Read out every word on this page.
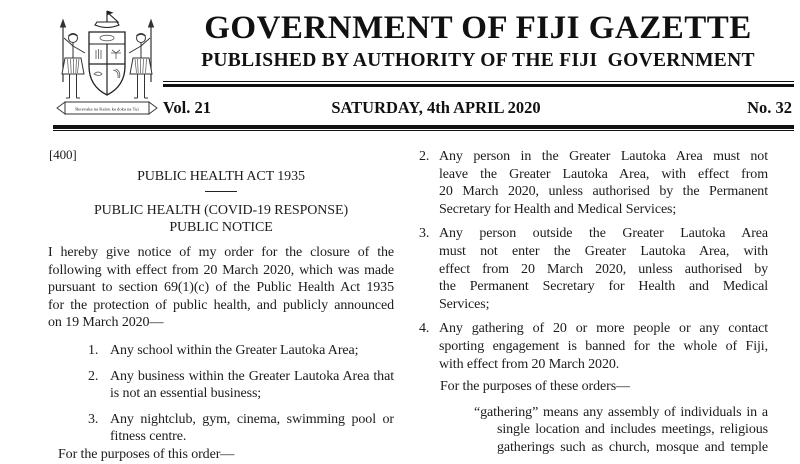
Rerevaka na Kalou ka doka na Tui
GOVERNMENT OF FIJI GAZETTE
PUBLISHED BY AUTHORITY OF THE FIJI  GOVERNMENT
Vol. 21	SATURDAY, 4th APRIL 2020	No. 32
[400]
PUBLIC HEALTH ACT 1935
PUBLIC HEALTH (COVID-19 RESPONSE)
PUBLIC NOTICE
I hereby give notice of my order for the closure of the
following with effect from 20 March 2020, which was made
pursuant to section 69(1)(c) of the Public Health Act 1935
for the protection of public health, and publicly announced
on 19 March 2020—
1. Any school within the Greater Lautoka Area;
2. Any business within the Greater Lautoka Area that
is not an essential business;
3. Any nightclub, gym, cinema, swimming pool or
fitness centre.
For the purposes of this order—
2. Any person in the Greater Lautoka Area must not
leave the Greater Lautoka Area, with effect from
20 March 2020, unless authorised by the Permanent
Secretary for Health and Medical Services;
3. Any person outside the Greater Lautoka Area
must not enter the Greater Lautoka Area, with
effect from 20 March 2020, unless authorised by
the Permanent Secretary for Health and Medical
Services;
4. Any gathering of 20 or more people or any contact
sporting engagement is banned for the whole of Fiji,
with effect from 20 March 2020.
For the purposes of these orders—
“gathering” means any assembly of individuals in a
single location and includes meetings, religious
gatherings such as church, mosque and temple
